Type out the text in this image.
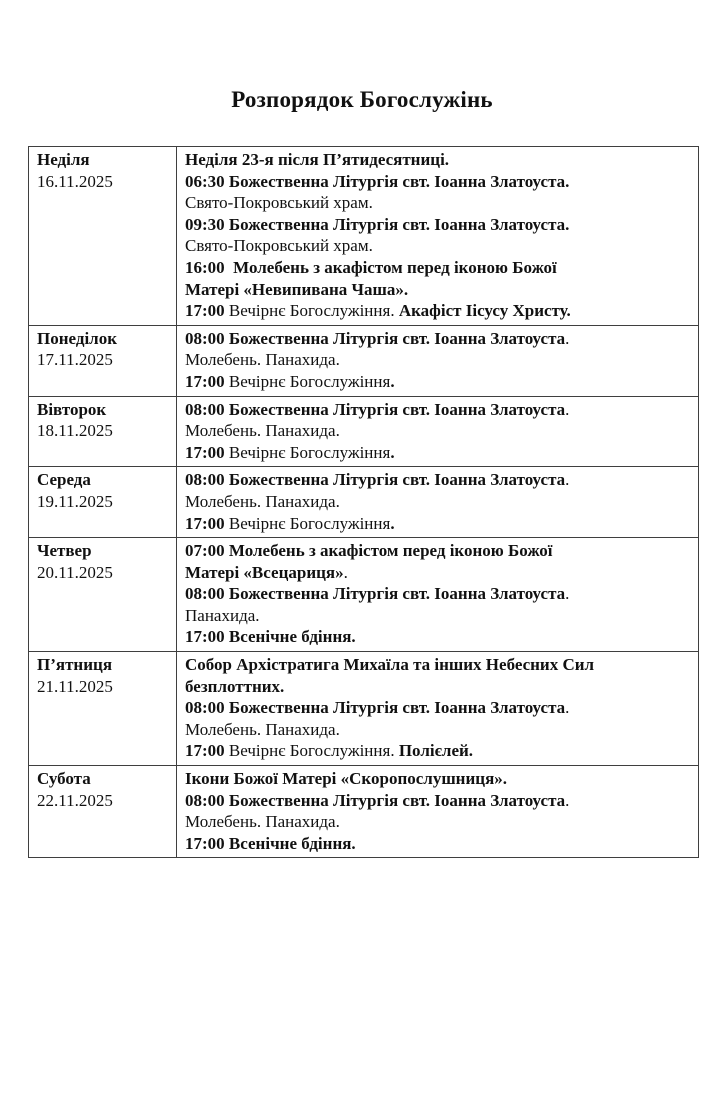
Розпорядок Богослужінь
Неділя
16.11.2025

Неділя 23-я після П’ятидесятниці.
06:30 Божественна Літургія свт. Іоанна Златоуста.
Свято-Покровський храм.
09:30 Божественна Літургія свт. Іоанна Златоуста.
Свято-Покровський храм.
16:00  Молебень з акафістом перед іконою Божої
Матері «Невипивана Чаша».
17:00 Вечірнє Богослужіння. Акафіст Іісусу Христу.

Понеділок
17.11.2025

08:00 Божественна Літургія свт. Іоанна Златоуста.
Молебень. Панахида.
17:00 Вечірнє Богослужіння.

Вівторок
18.11.2025

08:00 Божественна Літургія свт. Іоанна Златоуста.
Молебень. Панахида.
17:00 Вечірнє Богослужіння.

Середа
19.11.2025

08:00 Божественна Літургія свт. Іоанна Златоуста.
Молебень. Панахида.
17:00 Вечірнє Богослужіння.

Четвер
20.11.2025

07:00 Молебень з акафістом перед іконою Божої
Матері «Всецариця».
08:00 Божественна Літургія свт. Іоанна Златоуста.
Панахида.
17:00 Всенічне бдіння.

П’ятниця
21.11.2025

Собор Архістратига Михаїла та інших Небесних Сил
безплоттних.
08:00 Божественна Літургія свт. Іоанна Златоуста.
Молебень. Панахида.
17:00 Вечірнє Богослужіння. Полієлей.

Субота
22.11.2025

Ікони Божої Матері «Скоропослушниця».
08:00 Божественна Літургія свт. Іоанна Златоуста.
Молебень. Панахида.
17:00 Всенічне бдіння.
